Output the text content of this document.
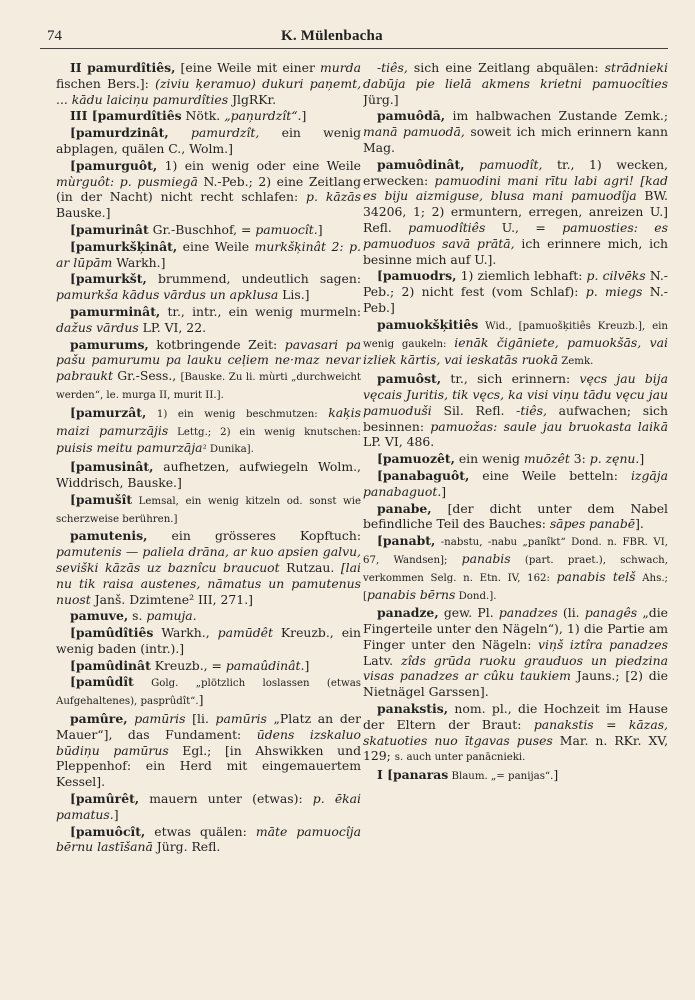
74	K. Mülenbacha

II pamurdîtiês, [eine Weile mit einer murda fischen Bers.]: (ziviu ķeramuo) dukuri paņemt, ... kādu laiciņu pamurdîties JlgRKr.

III [pamurdîtiês Nötk. „paņurdzît“.]

[pamurdzinât, pamurdzît, ein wenig abplagen, quälen C., Wolm.]

[pamurguôt, 1) ein wenig oder eine Weile mùrguôt: p. pusmiegā N.-Peb.; 2) eine Zeitlang (in der Nacht) nicht recht schlafen: p. kāzās Bauske.]

[pamurinât Gr.-Buschhof, = pamuocît.]

[pamurkšķinât, eine Weile murkšķinât 2: p. ar lūpām Warkh.]

[pamurkšt, brummend, undeutlich sagen: pamurkša kādus vārdus un apklusa Lis.]

pamurminât, tr., intr., ein wenig murmeln: dažus vārdus LP. VI, 22.

pamurums, kotbringende Zeit: pavasari pa pašu pamurumu pa lauku ceļiem ne·maz nevar pabraukt Gr.-Sess., [Bauske. Zu li. mùrti „durchweicht werden“, le. murga II, murit II.].

[pamurzât, 1) ein wenig beschmutzen: kaķis maizi pamurzājis Lettg.; 2) ein wenig knutschen: puisis meitu pamurzāja² Dunika].

[pamusinât, aufhetzen, aufwiegeln Wolm., Widdrisch, Bauske.]

[pamušît Lemsal, ein wenig kitzeln od. sonst wie scherzweise berühren.]

pamutenis, ein grösseres Kopftuch: pamutenis — paliela drāna, ar kuo apsien galvu, seviški kāzās uz baznîcu braucuot Rutzau. [lai nu tik raisa austenes, nāmatus un pamutenus nuost Janš. Dzimtene² III, 271.]

pamuve, s. pamuja.

[pamûdîtiês Warkh., pamūdêt Kreuzb., ein wenig baden (intr.).]

[pamûdinât Kreuzb., = pamaûdinât.]

[pamûdît Golg. „plötzlich loslassen (etwas Aufgehaltenes), pasprûdît“.]

pamûre, pamūris [li. pamūris „Platz an der Mauer“], das Fundament: ūdens izskaluo būdiņu pamūrus Egl.; [in Ahswikken und Pleppenhof: ein Herd mit eingemauertem Kessel].

[pamûrêt, mauern unter (etwas): p. ēkai pamatus.]

[pamuôcît, etwas quälen: māte pamuocîja bērnu lastīšanā Jürg. Refl.

-tiês, sich eine Zeitlang abquälen: strādnieki dabūja pie lielā akmens krietni pamuocîties Jürg.]

pamuôdā, im halbwachen Zustande Zemk.; manā pamuodā, soweit ich mich erinnern kann Mag.

pamuôdinât, pamuodît, tr., 1) wecken, erwecken: pamuodini mani rītu labi agri! [kad es biju aizmiguse, blusa mani pamuodîja BW. 34206, 1; 2) ermuntern, erregen, anreizen U.] Refl. pamuodîtiês U., = pamuosties: es pamuoduos savā prātā, ich erinnere mich, ich besinne mich auf U.].

[pamuodrs, 1) ziemlich lebhaft: p. cilvēks N.-Peb.; 2) nicht fest (vom Schlaf): p. miegs N.-Peb.]

pamuokšķitiês Wid., [pamuošķitiês Kreuzb.], ein wenig gaukeln: ienāk čigāniete, pamuokšās, vai izliek kārtis, vai ieskatās ruokā Zemk.

pamuôst, tr., sich erinnern: vęcs jau bija vęcais Juritis, tik vęcs, ka visi viņu tādu vęcu jau pamuoduši Sil. Refl. -tiês, aufwachen; sich besinnen: pamuožas: saule jau bruokasta laikā LP. VI, 486.

[pamuozêt, ein wenig muōzêt 3: p. zęnu.]

[panabaguôt, eine Weile betteln: izgāja panabaguot.]

panabe, [der dicht unter dem Nabel befindliche Teil des Bauches: sāpes panabē].

[panabt, -nabstu, -nabu „panîkt“ Dond. n. FBR. VI, 67, Wandsen]; panabis (part. praet.), schwach, verkommen Selg. n. Etn. IV, 162: panabis telš Ahs.; [panabis bērns Dond.].

panadze, gew. Pl. panadzes (li. panagês „die Fingerteile unter den Nägeln“), 1) die Partie am Finger unter den Nägeln: viņš iztîra panadzes Latv. zîds grūda ruoku grauduos un piedzina visas panadzes ar cûku taukiem Jauns.; [2) die Nietnägel Garssen].

panakstis, nom. pl., die Hochzeit im Hause der Eltern der Braut: panakstis = kāzas, skatuoties nuo ītgavas puses Mar. n. RKr. XV, 129; s. auch unter panācnieki.

I [panaras Blaum. „= panijas“.]
